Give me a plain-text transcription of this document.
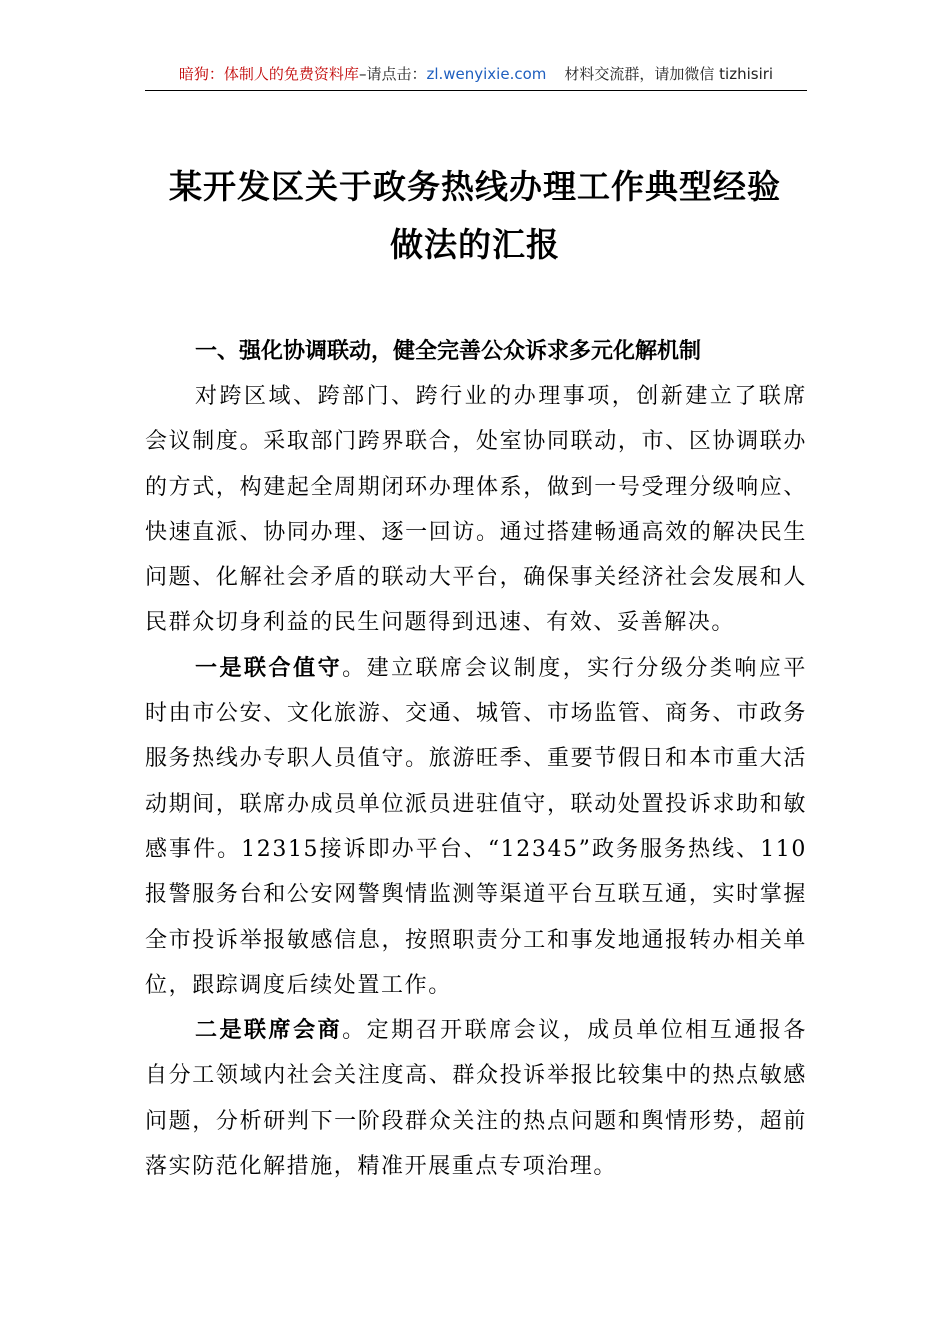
暗狗：体制人的免费资料库–请点击：zl.wenyixie.com 材料交流群，请加微信 tizhisiri
某开发区关于政务热线办理工作典型经验
做法的汇报

一、强化协调联动，健全完善公众诉求多元化解机制

对跨区域、跨部门、跨行业的办理事项，创新建立了联席会议制度。采取部门跨界联合，处室协同联动，市、区协调联办的方式，构建起全周期闭环办理体系，做到一号受理分级响应、快速直派、协同办理、逐一回访。通过搭建畅通高效的解决民生问题、化解社会矛盾的联动大平台，确保事关经济社会发展和人民群众切身利益的民生问题得到迅速、有效、妥善解决。

一是联合值守。建立联席会议制度，实行分级分类响应平时由市公安、文化旅游、交通、城管、市场监管、商务、市政务服务热线办专职人员值守。旅游旺季、重要节假日和本市重大活动期间，联席办成员单位派员进驻值守，联动处置投诉求助和敏感事件。12315接诉即办平台、“12345”政务服务热线、110报警服务台和公安网警舆情监测等渠道平台互联互通，实时掌握全市投诉举报敏感信息，按照职责分工和事发地通报转办相关单位，跟踪调度后续处置工作。

二是联席会商。定期召开联席会议，成员单位相互通报各自分工领域内社会关注度高、群众投诉举报比较集中的热点敏感问题，分析研判下一阶段群众关注的热点问题和舆情形势，超前落实防范化解措施，精准开展重点专项治理。
